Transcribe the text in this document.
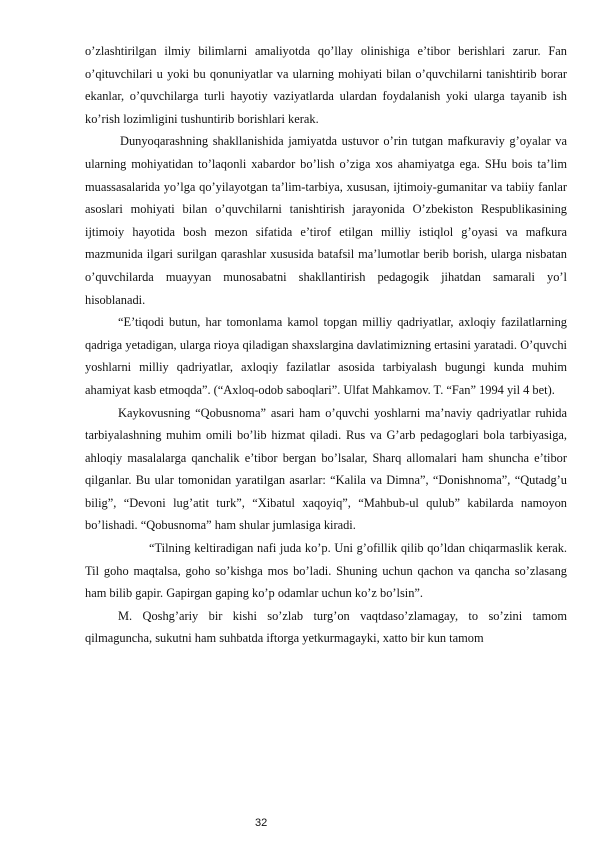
o’zlashtirilgan ilmiy bilimlarni amaliyotda qo’llay olinishiga e’tibor berishlari zarur. Fan o’qituvchilari u yoki bu qonuniyatlar va ularning mohiyati bilan o’quvchilarni tanishtirib borar ekanlar, o’quvchilarga turli hayotiy vaziyatlarda ulardan foydalanish yoki ularga tayanib ish ko’rish lozimligini tushuntirib borishlari kerak.

Dunyoqarashning shakllanishida jamiyatda ustuvor o’rin tutgan mafkuraviy g’oyalar va ularning mohiyatidan to’laqonli xabardor bo’lish o’ziga xos ahamiyatga ega. SHu bois ta’lim muassasalarida yo’lga qo’yilayotgan ta’lim-tarbiya, xususan, ijtimoiy-gumanitar va tabiiy fanlar asoslari mohiyati bilan o’quvchilarni tanishtirish jarayonida O’zbekiston Respublikasining ijtimoiy hayotida bosh mezon sifatida e’tirof etilgan milliy istiqlol g’oyasi va mafkura mazmunida ilgari surilgan qarashlar xususida batafsil ma’lumotlar berib borish, ularga nisbatan o’quvchilarda muayyan munosabatni shakllantirish pedagogik jihatdan samarali yo’l hisoblanadi.

“E’tiqodi butun, har tomonlama kamol topgan milliy qadriyatlar, axloqiy fazilatlarning qadriga yetadigan, ularga rioya qiladigan shaxslargina davlatimizning ertasini yaratadi. O’quvchi yoshlarni milliy qadriyatlar, axloqiy fazilatlar asosida tarbiyalash bugungi kunda muhim ahamiyat kasb etmoqda”. (“Axloq-odob saboqlari”. Ulfat Mahkamov. T. “Fan” 1994 yil 4 bet).

Kaykovusning “Qobusnoma” asari ham o’quvchi yoshlarni ma’naviy qadriyatlar ruhida tarbiyalashning muhim omili bo’lib hizmat qiladi. Rus va G’arb pedagoglari bola tarbiyasiga, ahloqiy masalalarga qanchalik e’tibor bergan bo’lsalar, Sharq allomalari ham shuncha e’tibor qilganlar. Bu ular tomonidan yaratilgan asarlar: “Kalila va Dimna”, “Donishnoma”, “Qutadg’u bilig”, “Devoni lug’atit turk”, “Xibatul xaqoyiq”, “Mahbub-ul qulub” kabilarda namoyon bo’lishadi. “Qobusnoma” ham shular jumlasiga kiradi.

“Tilning keltiradigan nafi juda ko’p. Uni g’ofillik qilib qo’ldan chiqarmaslik kerak. Til goho maqtalsa, goho so’kishga mos bo’ladi. Shuning uchun qachon va qancha so’zlasang ham bilib gapir. Gapirgan gaping ko’p odamlar uchun ko’z bo’lsin”.

M. Qoshg’ariy bir kishi so’zlab turg’on vaqtdaso’zlamagay, to so’zini tamom qilmaguncha, sukutni ham suhbatda iftorga yetkurmagayki, xatto bir kun tamom

32
